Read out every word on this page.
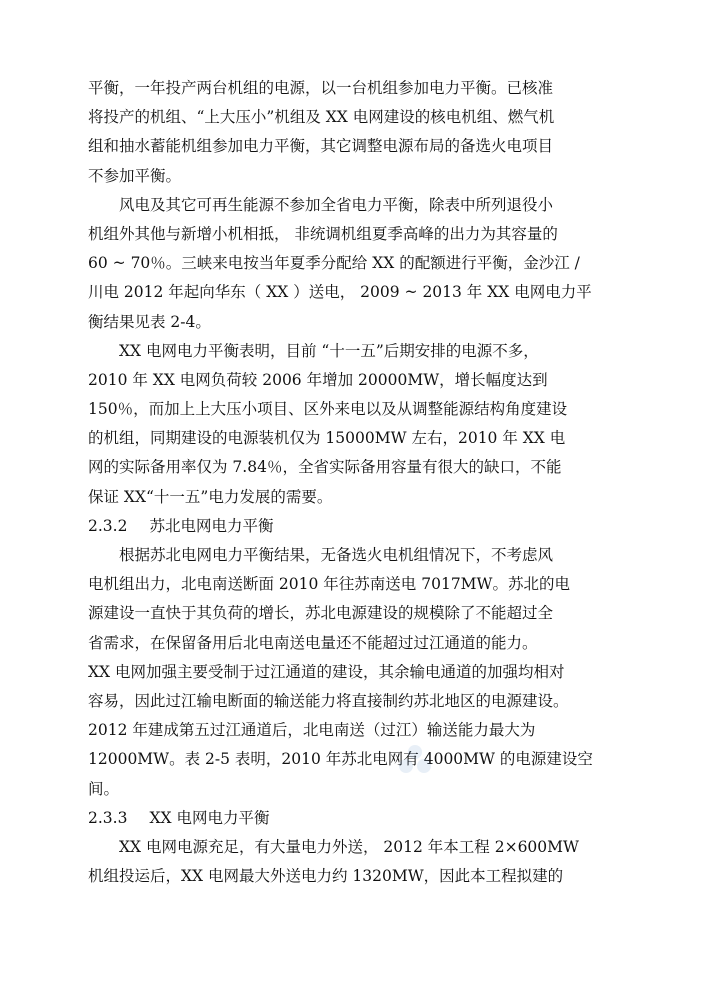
平衡，一年投产两台机组的电源，以一台机组参加电力平衡。已核准
将投产的机组、“上大压小”机组及 XX 电网建设的核电机组、燃气机
组和抽水蓄能机组参加电力平衡，其它调整电源布局的备选火电项目
不参加平衡。
风电及其它可再生能源不参加全省电力平衡，除表中所列退役小
机组外其他与新增小机相抵， 非统调机组夏季高峰的出力为其容量的
60 ~ 70％。三峡来电按当年夏季分配给 XX 的配额进行平衡，金沙江 /
川电 2012 年起向华东（ XX ）送电， 2009 ~ 2013 年 XX 电网电力平
衡结果见表 2-4。
XX 电网电力平衡表明，目前 “十一五”后期安排的电源不多，
2010 年 XX 电网负荷较 2006 年增加 20000MW，增长幅度达到
150％，而加上上大压小项目、区外来电以及从调整能源结构角度建设
的机组，同期建设的电源装机仅为 15000MW 左右，2010 年 XX 电
网的实际备用率仅为 7.84％，全省实际备用容量有很大的缺口，不能
保证 XX“十一五”电力发展的需要。
2.3.2 苏北电网电力平衡
根据苏北电网电力平衡结果，无备选火电机组情况下，不考虑风
电机组出力，北电南送断面 2010 年往苏南送电 7017MW。苏北的电
源建设一直快于其负荷的增长，苏北电源建设的规模除了不能超过全
省需求，在保留备用后北电南送电量还不能超过过江通道的能力。
XX 电网加强主要受制于过江通道的建设，其余输电通道的加强均相对
容易，因此过江输电断面的输送能力将直接制约苏北地区的电源建设。
2012 年建成第五过江通道后，北电南送（过江）输送能力最大为
12000MW。表 2-5 表明，2010 年苏北电网有 4000MW 的电源建设空
间。
2.3.3 XX 电网电力平衡
XX 电网电源充足，有大量电力外送， 2012 年本工程 2×600MW
机组投运后，XX 电网最大外送电力约 1320MW，因此本工程拟建的
